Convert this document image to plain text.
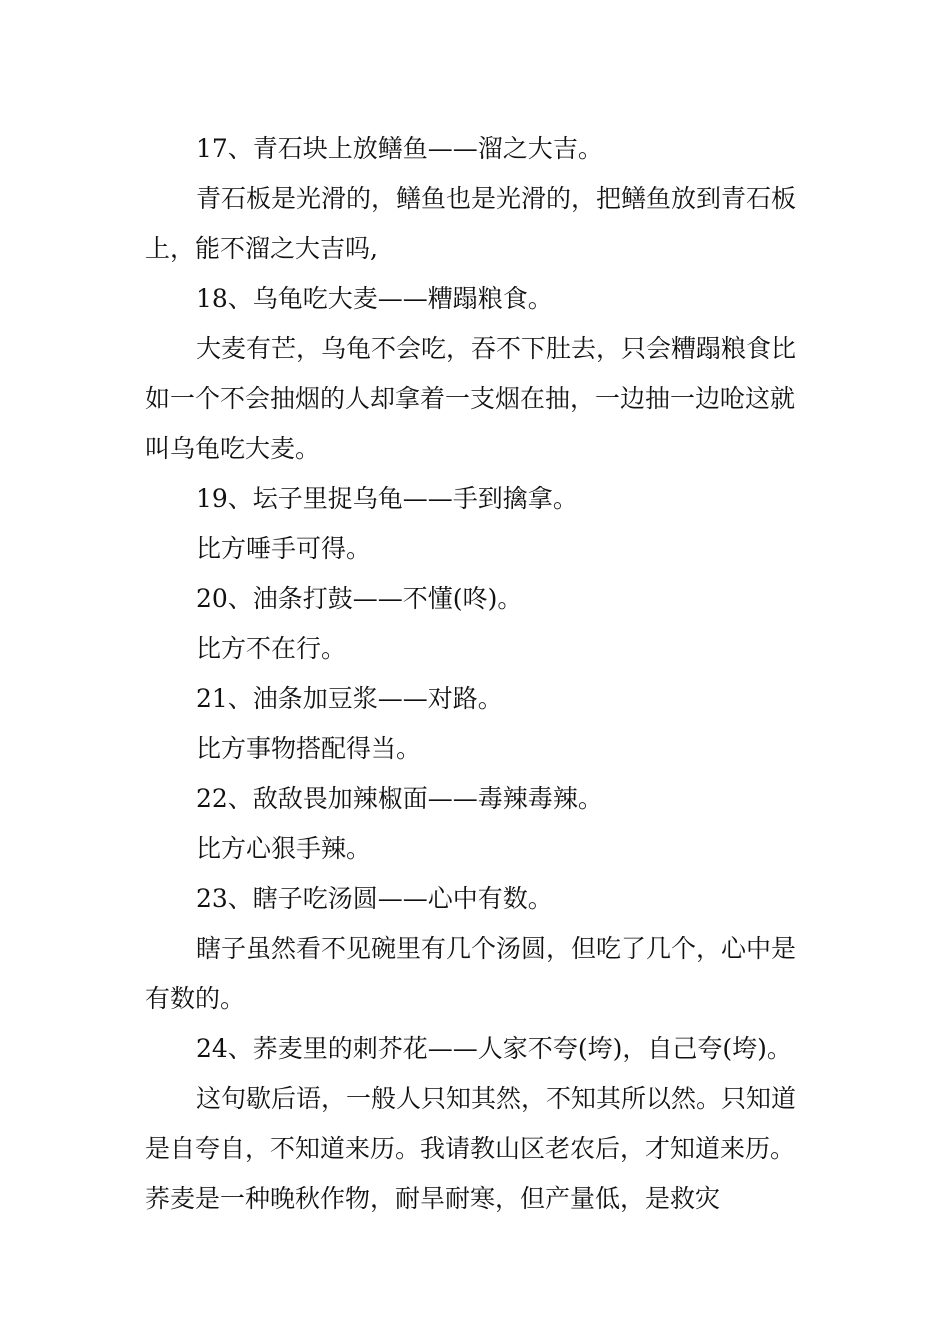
17、青石块上放鳝鱼——溜之大吉。

青石板是光滑的，鳝鱼也是光滑的，把鳝鱼放到青石板上，能不溜之大吉吗,

18、乌龟吃大麦——糟蹋粮食。

大麦有芒，乌龟不会吃，吞不下肚去，只会糟蹋粮食比如一个不会抽烟的人却拿着一支烟在抽，一边抽一边呛这就叫乌龟吃大麦。

19、坛子里捉乌龟——手到擒拿。

比方唾手可得。

20、油条打鼓——不懂(咚)。

比方不在行。

21、油条加豆浆——对路。

比方事物搭配得当。

22、敌敌畏加辣椒面——毒辣毒辣。

比方心狠手辣。

23、瞎子吃汤圆——心中有数。

瞎子虽然看不见碗里有几个汤圆，但吃了几个，心中是有数的。

24、荞麦里的刺芥花——人家不夸(垮)，自己夸(垮)。

这句歇后语，一般人只知其然，不知其所以然。只知道是自夸自，不知道来历。我请教山区老农后，才知道来历。荞麦是一种晚秋作物，耐旱耐寒，但产量低，是救灾
